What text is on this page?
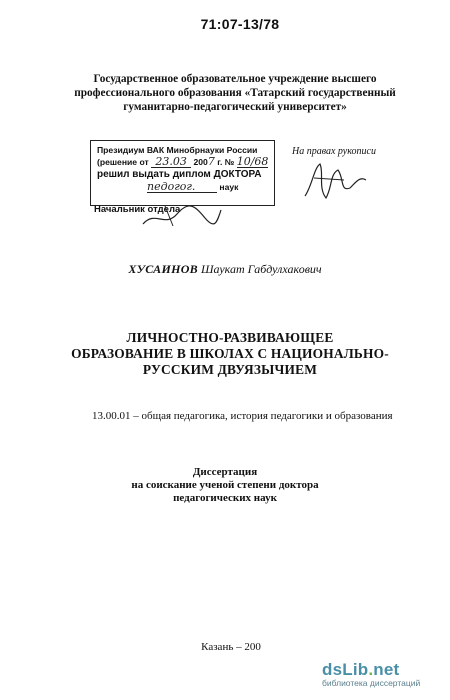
71:07-13/78
Государственное образовательное учреждение высшего
профессионального образования «Татарский государственный
гуманитарно-педагогический университет»
Президиум ВАК Минобрнауки России
(решение от 23.03 2007 г. № 10/68
решил выдать диплом ДОКТОРА
педогог.	наук
Начальник отдела
На правах рукописи
ХУСАИНОВ Шаукат Габдулхакович
ЛИЧНОСТНО-РАЗВИВАЮЩЕЕ
ОБРАЗОВАНИЕ В ШКОЛАХ С НАЦИОНАЛЬНО-
РУССКИМ ДВУЯЗЫЧИЕМ
13.00.01 – общая педагогика, история педагогики и образования
Диссертация
на соискание ученой степени доктора
педагогических наук
Казань – 200
dsLib.net
библиотека диссертаций
